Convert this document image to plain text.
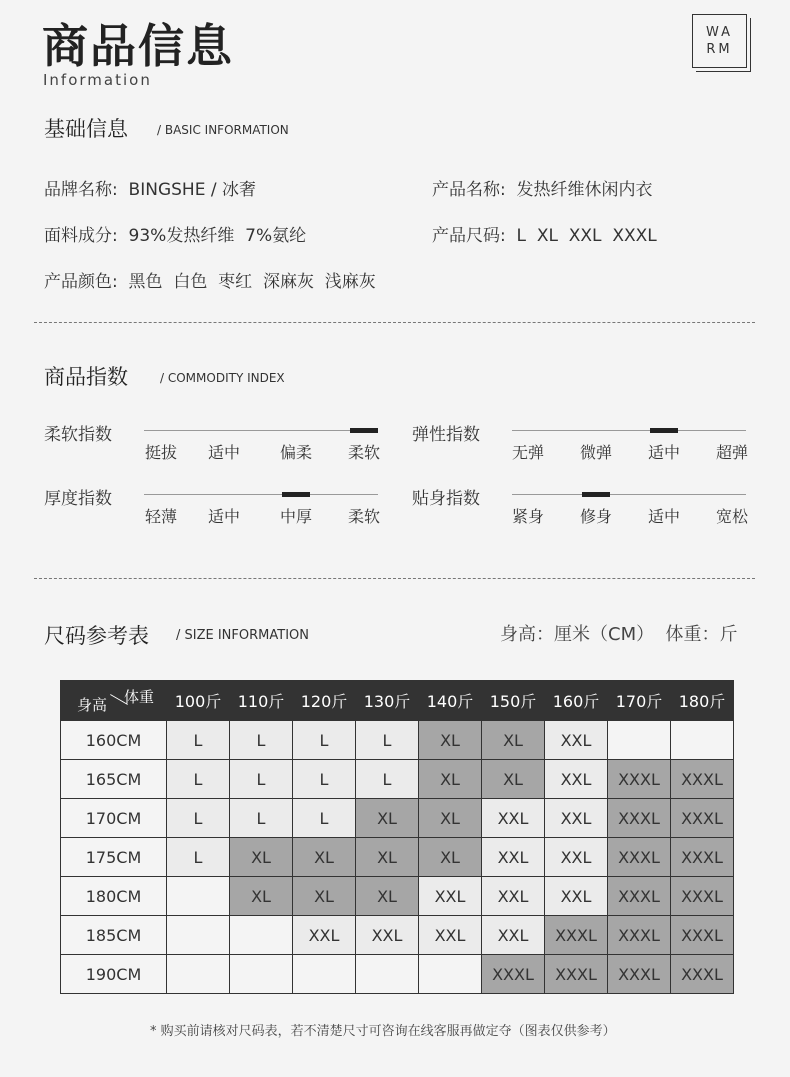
商品信息
Information
WA
RM
基础信息 / BASIC INFORMATION
品牌名称: BINGSHE / 冰奢	产品名称: 发热纤维休闲内衣
面料成分: 93%发热纤维  7%氨纶	产品尺码: L  XL  XXL  XXXL
产品颜色: 黑色  白色  枣红  深麻灰  浅麻灰
商品指数	/ COMMODITY INDEX
柔软指数
挺拔	适中	偏柔	柔软
弹性指数
无弹	微弹	适中	超弹
厚度指数
轻薄	适中	中厚	柔软
贴身指数
紧身	修身	适中	宽松
尺码参考表 / SIZE INFORMATION	身高：厘米（CM）  体重：斤
体重
身高	100斤	110斤	120斤	130斤	140斤	150斤	160斤	170斤	180斤
160CM	L	L	L	L	XL	XL	XXL		
165CM	L	L	L	L	XL	XL	XXL	XXXL	XXXL
170CM	L	L	L	XL	XL	XXL	XXL	XXXL	XXXL
175CM	L	XL	XL	XL	XL	XXL	XXL	XXXL	XXXL
180CM		XL	XL	XL	XXL	XXL	XXL	XXXL	XXXL
185CM			XXL	XXL	XXL	XXL	XXXL	XXXL	XXXL
190CM						XXXL	XXXL	XXXL	XXXL
* 购买前请核对尺码表，若不清楚尺寸可咨询在线客服再做定夺（图表仅供参考）
